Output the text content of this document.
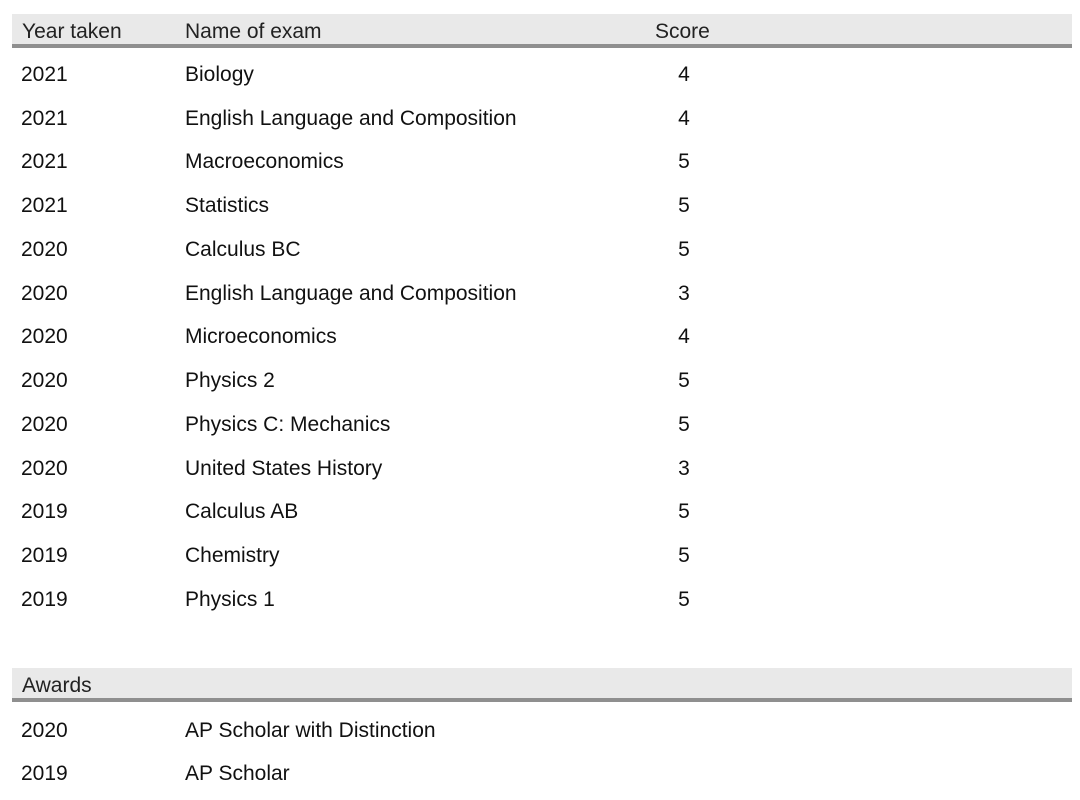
Year taken	Name of exam	Score
2021	Biology	4
2021	English Language and Composition	4
2021	Macroeconomics	5
2021	Statistics	5
2020	Calculus BC	5
2020	English Language and Composition	3
2020	Microeconomics	4
2020	Physics 2	5
2020	Physics C: Mechanics	5
2020	United States History	3
2019	Calculus AB	5
2019	Chemistry	5
2019	Physics 1	5
Awards
2020	AP Scholar with Distinction
2019	AP Scholar
